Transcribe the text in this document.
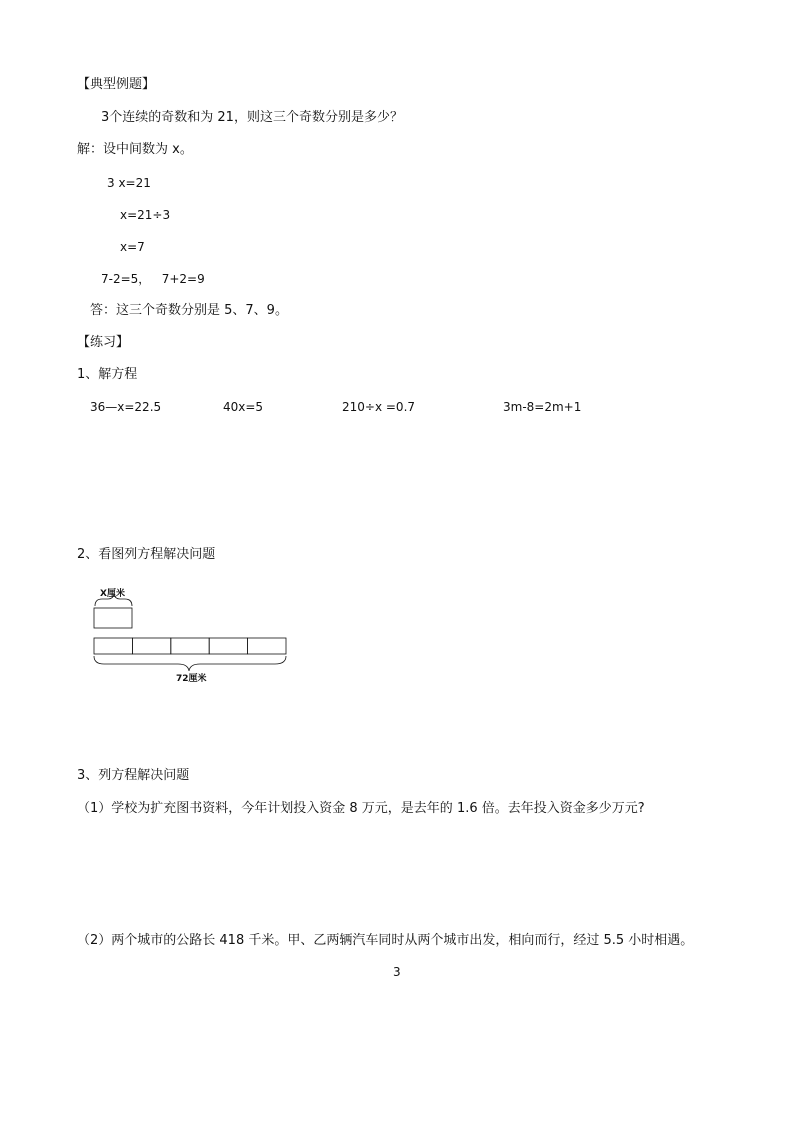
【典型例题】
3个连续的奇数和为 21，则这三个奇数分别是多少？
解：设中间数为 x。
3 x=21
x=21÷3
x=7
7-2=5，   7+2=9
答：这三个奇数分别是 5、7、9。
【练习】
1、解方程
36—x=22.5	40x=5	210÷x =0.7	3m-8=2m+1
2、看图列方程解决问题
X厘米
72厘米
3、列方程解决问题
（1）学校为扩充图书资料，今年计划投入资金 8 万元，是去年的 1.6 倍。去年投入资金多少万元?
（2）两个城市的公路长 418 千米。甲、乙两辆汽车同时从两个城市出发，相向而行，经过 5.5 小时相遇。
3
